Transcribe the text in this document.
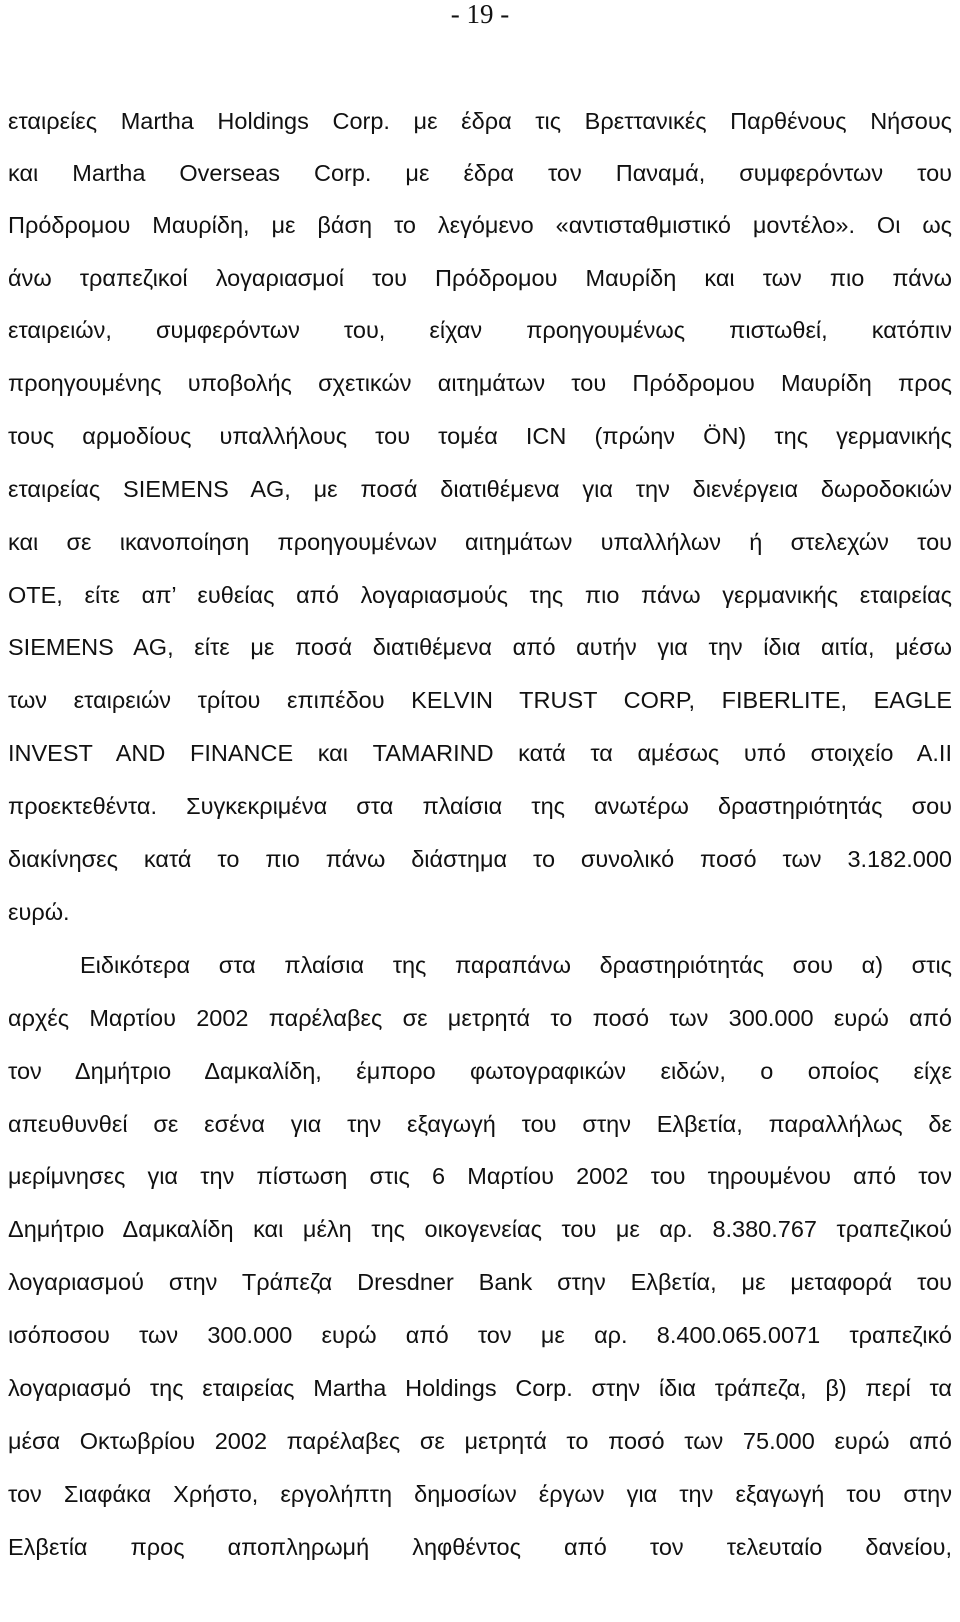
- 19 -
εταιρείες Martha Holdings Corp. με έδρα τις Βρεττανικές Παρθένους Νήσους
και Martha Overseas Corp. με έδρα τον Παναμά, συμφερόντων του
Πρόδρομου Μαυρίδη, με βάση το λεγόμενο «αντισταθμιστικό μοντέλο». Οι ως
άνω τραπεζικοί λογαριασμοί του Πρόδρομου Μαυρίδη και των πιο πάνω
εταιρειών, συμφερόντων του, είχαν προηγουμένως πιστωθεί, κατόπιν
προηγουμένης υποβολής σχετικών αιτημάτων του Πρόδρομου Μαυρίδη προς
τους αρμοδίους υπαλλήλους του τομέα ICN (πρώην ÖN) της γερμανικής
εταιρείας SIEMENS AG, με ποσά διατιθέμενα για την διενέργεια δωροδοκιών
και σε ικανοποίηση προηγουμένων αιτημάτων υπαλλήλων ή στελεχών του
ΟΤΕ, είτε απ’ ευθείας από λογαριασμούς της πιο πάνω γερμανικής εταιρείας
SIEMENS AG, είτε με ποσά διατιθέμενα από αυτήν για την ίδια αιτία, μέσω
των εταιρειών τρίτου επιπέδου KELVIN TRUST CORP, FIBERLITE, EAGLE
INVEST AND FINANCE και TAMARIND κατά τα αμέσως υπό στοιχείο Α.ΙΙ
προεκτεθέντα. Συγκεκριμένα στα πλαίσια της ανωτέρω δραστηριότητάς σου
διακίνησες κατά το πιο πάνω διάστημα το συνολικό ποσό των 3.182.000
ευρώ.
Ειδικότερα στα πλαίσια της παραπάνω δραστηριότητάς σου α) στις
αρχές Μαρτίου 2002 παρέλαβες σε μετρητά το ποσό των 300.000 ευρώ από
τον Δημήτριο Δαμκαλίδη, έμπορο φωτογραφικών ειδών, ο οποίος είχε
απευθυνθεί σε εσένα για την εξαγωγή του στην Ελβετία, παραλλήλως δε
μερίμνησες για την πίστωση στις 6 Μαρτίου 2002 του τηρουμένου από τον
Δημήτριο Δαμκαλίδη και μέλη της οικογενείας του με αρ. 8.380.767 τραπεζικού
λογαριασμού στην Τράπεζα Dresdner Bank στην Ελβετία, με μεταφορά του
ισόποσου των 300.000 ευρώ από τον με αρ. 8.400.065.0071 τραπεζικό
λογαριασμό της εταιρείας Martha Holdings Corp. στην ίδια τράπεζα, β) περί τα
μέσα Οκτωβρίου 2002 παρέλαβες σε μετρητά το ποσό των 75.000 ευρώ από
τον Σιαφάκα Χρήστο, εργολήπτη δημοσίων έργων για την εξαγωγή του στην
Ελβετία προς αποπληρωμή ληφθέντος από τον τελευταίο δανείου,
